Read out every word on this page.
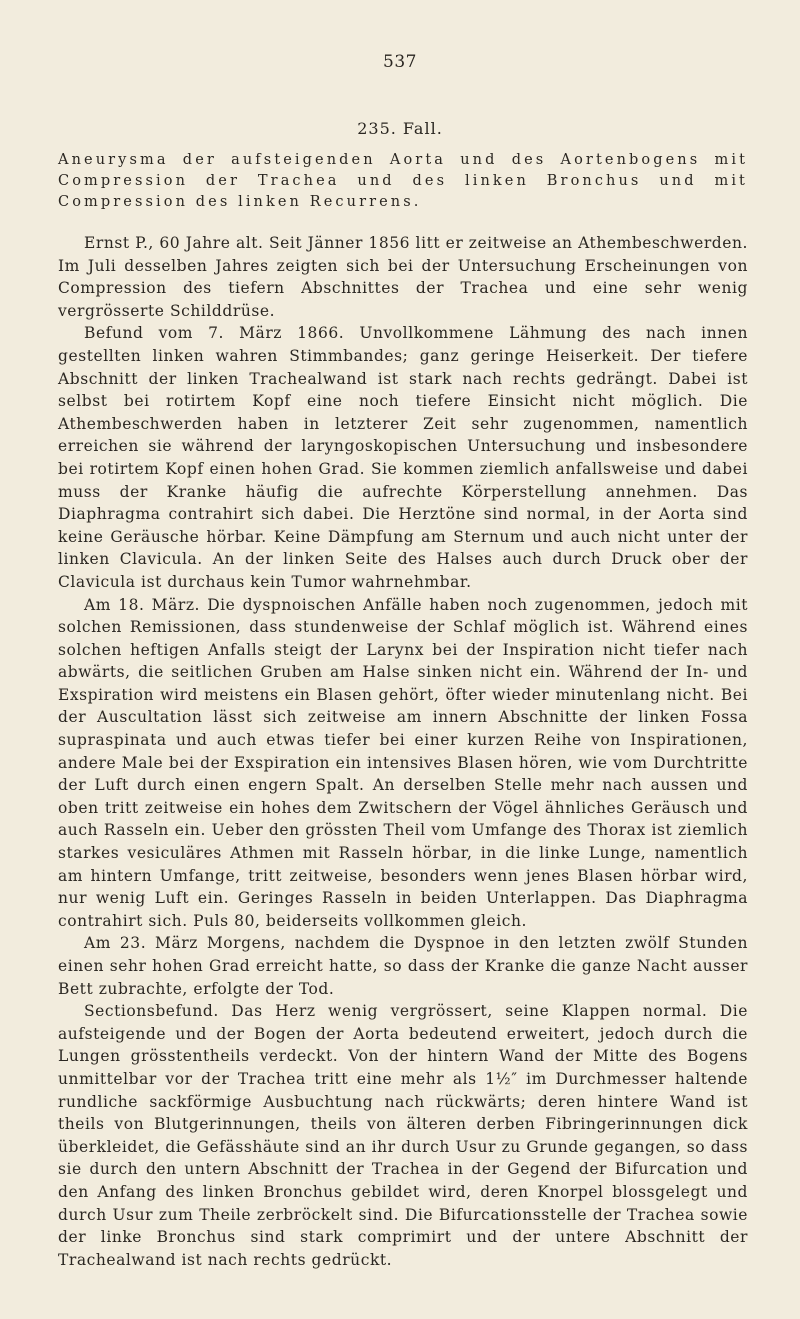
537
235. Fall.
Aneurysma der aufsteigenden Aorta und des Aortenbogens mit Compression der Trachea und des linken Bronchus und mit Compression des linken Recurrens.

Ernst P., 60 Jahre alt. Seit Jänner 1856 litt er zeitweise an Athembeschwerden. Im Juli desselben Jahres zeigten sich bei der Untersuchung Erscheinungen von Compression des tiefern Abschnittes der Trachea und eine sehr wenig vergrösserte Schilddrüse.

Befund vom 7. März 1866. Unvollkommene Lähmung des nach innen gestellten linken wahren Stimmbandes; ganz geringe Heiserkeit. Der tiefere Abschnitt der linken Trachealwand ist stark nach rechts gedrängt. Dabei ist selbst bei rotirtem Kopf eine noch tiefere Einsicht nicht möglich. Die Athembeschwerden haben in letzterer Zeit sehr zugenommen, namentlich erreichen sie während der laryngoskopischen Untersuchung und insbesondere bei rotirtem Kopf einen hohen Grad. Sie kommen ziemlich anfallsweise und dabei muss der Kranke häufig die aufrechte Körperstellung annehmen. Das Diaphragma contrahirt sich dabei. Die Herztöne sind normal, in der Aorta sind keine Geräusche hörbar. Keine Dämpfung am Sternum und auch nicht unter der linken Clavicula. An der linken Seite des Halses auch durch Druck ober der Clavicula ist durchaus kein Tumor wahrnehmbar.

Am 18. März. Die dyspnoischen Anfälle haben noch zugenommen, jedoch mit solchen Remissionen, dass stundenweise der Schlaf möglich ist. Während eines solchen heftigen Anfalls steigt der Larynx bei der Inspiration nicht tiefer nach abwärts, die seitlichen Gruben am Halse sinken nicht ein. Während der In- und Exspiration wird meistens ein Blasen gehört, öfter wieder minutenlang nicht. Bei der Auscultation lässt sich zeitweise am innern Abschnitte der linken Fossa supraspinata und auch etwas tiefer bei einer kurzen Reihe von Inspirationen, andere Male bei der Exspiration ein intensives Blasen hören, wie vom Durchtritte der Luft durch einen engern Spalt. An derselben Stelle mehr nach aussen und oben tritt zeitweise ein hohes dem Zwitschern der Vögel ähnliches Geräusch und auch Rasseln ein. Ueber den grössten Theil vom Umfange des Thorax ist ziemlich starkes vesiculäres Athmen mit Rasseln hörbar, in die linke Lunge, namentlich am hintern Umfange, tritt zeitweise, besonders wenn jenes Blasen hörbar wird, nur wenig Luft ein. Geringes Rasseln in beiden Unterlappen. Das Diaphragma contrahirt sich. Puls 80, beiderseits vollkommen gleich.

Am 23. März Morgens, nachdem die Dyspnoe in den letzten zwölf Stunden einen sehr hohen Grad erreicht hatte, so dass der Kranke die ganze Nacht ausser Bett zubrachte, erfolgte der Tod.

Sectionsbefund. Das Herz wenig vergrössert, seine Klappen normal. Die aufsteigende und der Bogen der Aorta bedeutend erweitert, jedoch durch die Lungen grösstentheils verdeckt. Von der hintern Wand der Mitte des Bogens unmittelbar vor der Trachea tritt eine mehr als 1½″ im Durchmesser haltende rundliche sackförmige Ausbuchtung nach rückwärts; deren hintere Wand ist theils von Blutgerinnungen, theils von älteren derben Fibringerinnungen dick überkleidet, die Gefässhäute sind an ihr durch Usur zu Grunde gegangen, so dass sie durch den untern Abschnitt der Trachea in der Gegend der Bifurcation und den Anfang des linken Bronchus gebildet wird, deren Knorpel blossgelegt und durch Usur zum Theile zerbröckelt sind. Die Bifurcationsstelle der Trachea sowie der linke Bronchus sind stark comprimirt und der untere Abschnitt der Trachealwand ist nach rechts gedrückt.
